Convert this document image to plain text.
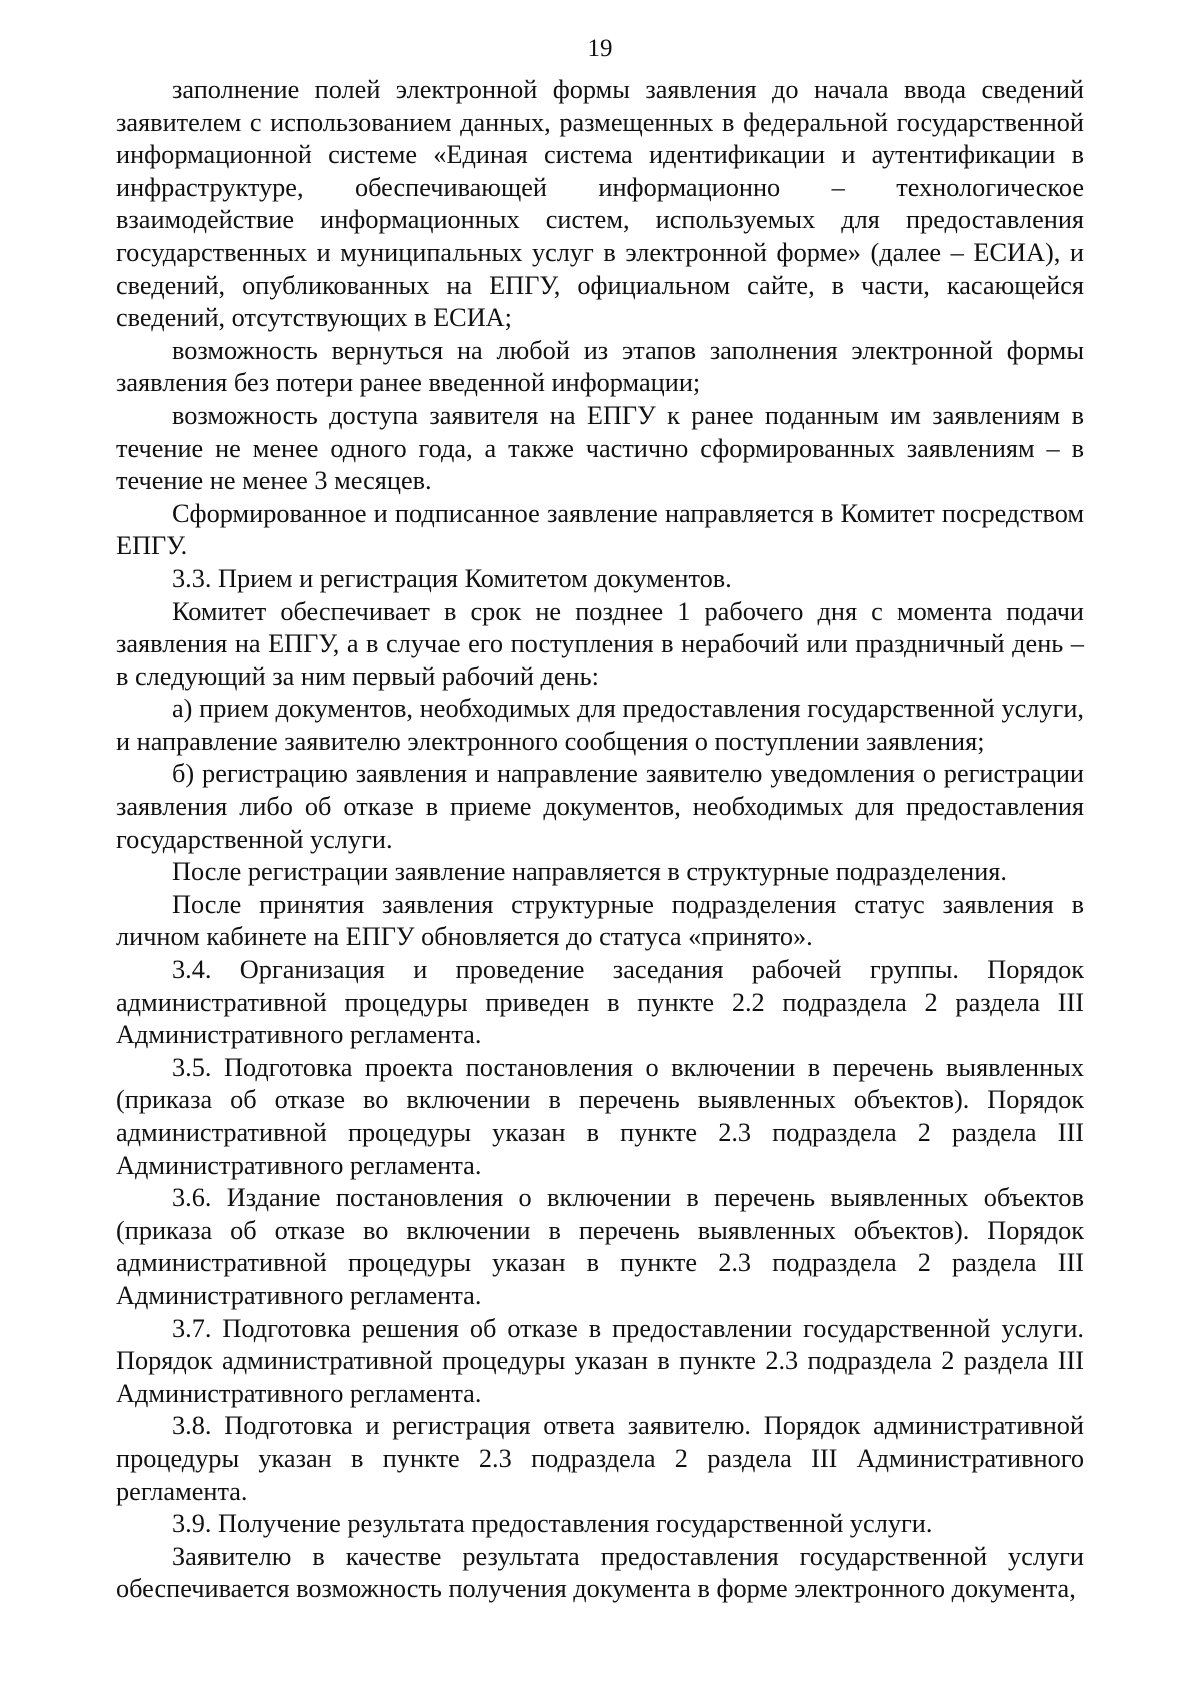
19

заполнение полей электронной формы заявления до начала ввода сведений заявителем с использованием данных, размещенных в федеральной государственной информационной системе «Единая система идентификации и аутентификации в инфраструктуре, обеспечивающей информационно – технологическое взаимодействие информационных систем, используемых для предоставления государственных и муниципальных услуг в электронной форме» (далее – ЕСИА), и сведений, опубликованных на ЕПГУ, официальном сайте, в части, касающейся сведений, отсутствующих в ЕСИА;

возможность вернуться на любой из этапов заполнения электронной формы заявления без потери ранее введенной информации;

возможность доступа заявителя на ЕПГУ к ранее поданным им заявлениям в течение не менее одного года, а также частично сформированных заявлениям – в течение не менее 3 месяцев.

Сформированное и подписанное заявление направляется в Комитет посредством ЕПГУ.

3.3. Прием и регистрация Комитетом документов.

Комитет обеспечивает в срок не позднее 1 рабочего дня с момента подачи заявления на ЕПГУ, а в случае его поступления в нерабочий или праздничный день – в следующий за ним первый рабочий день:

а) прием документов, необходимых для предоставления государственной услуги, и направление заявителю электронного сообщения о поступлении заявления;

б) регистрацию заявления и направление заявителю уведомления о регистрации заявления либо об отказе в приеме документов, необходимых для предоставления государственной услуги.

После регистрации заявление направляется в структурные подразделения.

После принятия заявления структурные подразделения статус заявления в личном кабинете на ЕПГУ обновляется до статуса «принято».

3.4. Организация и проведение заседания рабочей группы. Порядок административной процедуры приведен в пункте 2.2 подраздела 2 раздела III Административного регламента.

3.5. Подготовка проекта постановления о включении в перечень выявленных (приказа об отказе во включении в перечень выявленных объектов). Порядок административной процедуры указан в пункте 2.3 подраздела 2 раздела III Административного регламента.

3.6. Издание постановления о включении в перечень выявленных объектов (приказа об отказе во включении в перечень выявленных объектов). Порядок административной процедуры указан в пункте 2.3 подраздела 2 раздела III Административного регламента.

3.7. Подготовка решения об отказе в предоставлении государственной услуги. Порядок административной процедуры указан в пункте 2.3 подраздела 2 раздела III Административного регламента.

3.8. Подготовка и регистрация ответа заявителю. Порядок административной процедуры указан в пункте 2.3 подраздела 2 раздела III Административного регламента.

3.9. Получение результата предоставления государственной услуги.

Заявителю в качестве результата предоставления государственной услуги обеспечивается возможность получения документа в форме электронного документа,
